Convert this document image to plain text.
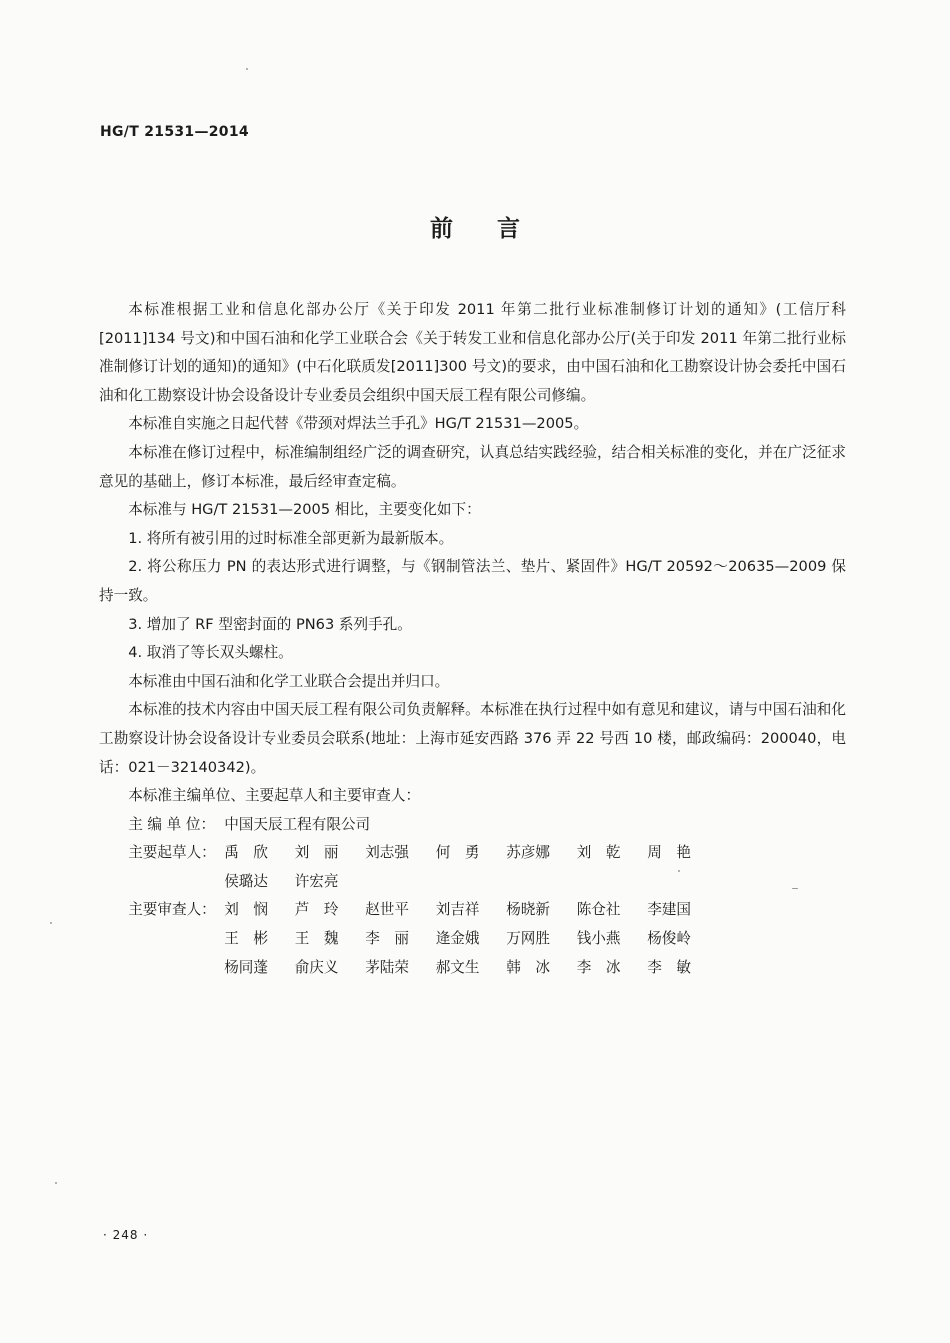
HG/T 21531—2014
前言

本标准根据工业和信息化部办公厅《关于印发 2011 年第二批行业标准制修订计划的通知》(工信厅科[2011]134 号文)和中国石油和化学工业联合会《关于转发工业和信息化部办公厅(关于印发 2011 年第二批行业标准制修订计划的通知)的通知》(中石化联质发[2011]300 号文)的要求，由中国石油和化工勘察设计协会委托中国石油和化工勘察设计协会设备设计专业委员会组织中国天辰工程有限公司修编。

本标准自实施之日起代替《带颈对焊法兰手孔》HG/T 21531—2005。

本标准在修订过程中，标准编制组经广泛的调查研究，认真总结实践经验，结合相关标准的变化，并在广泛征求意见的基础上，修订本标准，最后经审查定稿。

本标准与 HG/T 21531—2005 相比，主要变化如下：

1. 将所有被引用的过时标准全部更新为最新版本。

2. 将公称压力 PN 的表达形式进行调整，与《钢制管法兰、垫片、紧固件》HG/T 20592～20635—2009 保持一致。

3. 增加了 RF 型密封面的 PN63 系列手孔。

4. 取消了等长双头螺柱。

本标准由中国石油和化学工业联合会提出并归口。

本标准的技术内容由中国天辰工程有限公司负责解释。本标准在执行过程中如有意见和建议，请与中国石油和化工勘察设计协会设备设计专业委员会联系(地址：上海市延安西路 376 弄 22 号西 10 楼，邮政编码：200040，电话：021－32140342)。

本标准主编单位、主要起草人和主要审查人：

主 编 单 位： 中国天辰工程有限公司
主要起草人： 禹　欣	刘　丽	刘志强	何　勇	苏彦娜	刘　乾	周　艳
侯璐达	许宏亮
主要审查人： 刘　悯	芦　玲	赵世平	刘吉祥	杨晓新	陈仓社	李建国
王　彬	王　魏	李　丽	逄金娥	万网胜	钱小燕	杨俊岭
杨同蓬	俞庆义	茅陆荣	郝文生	韩　冰	李　冰	李　敏
· 248 ·
